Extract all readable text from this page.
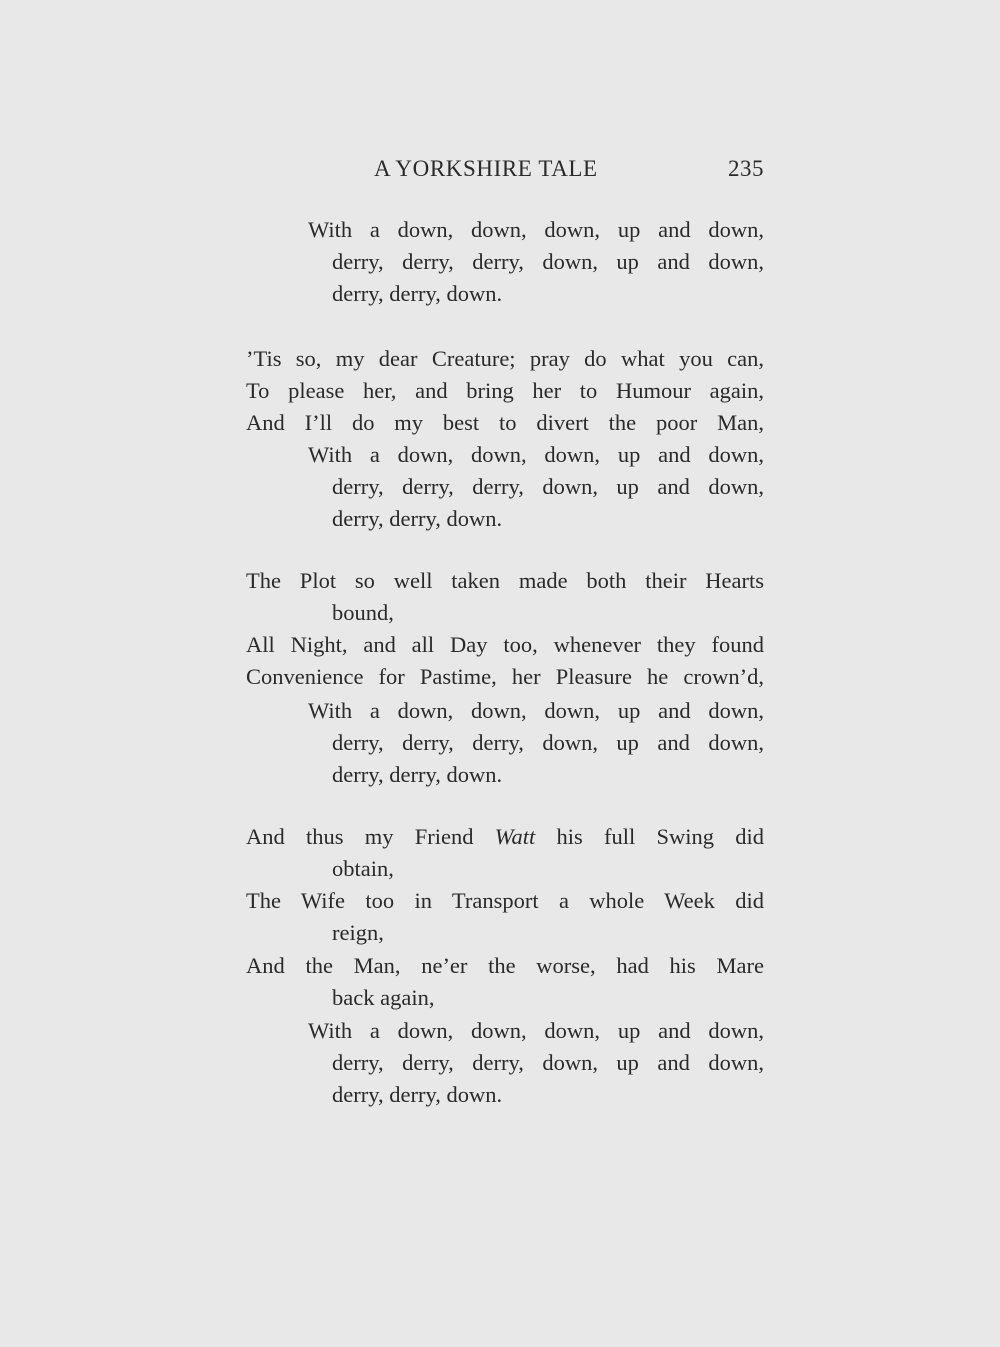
A YORKSHIRE TALE	235
With a down, down, down, up and down,
derry, derry, derry, down, up and down,
derry, derry, down.
’Tis so, my dear Creature; pray do what you can,
To please her, and bring her to Humour again,
And I’ll do my best to divert the poor Man,
With a down, down, down, up and down,
derry, derry, derry, down, up and down,
derry, derry, down.
The Plot so well taken made both their Hearts
bound,
All Night, and all Day too, whenever they found
Convenience for Pastime, her Pleasure he crown’d,
With a down, down, down, up and down,
derry, derry, derry, down, up and down,
derry, derry, down.
And thus my Friend Watt his full Swing did
obtain,
The Wife too in Transport a whole Week did
reign,
And the Man, ne’er the worse, had his Mare
back again,
With a down, down, down, up and down,
derry, derry, derry, down, up and down,
derry, derry, down.
